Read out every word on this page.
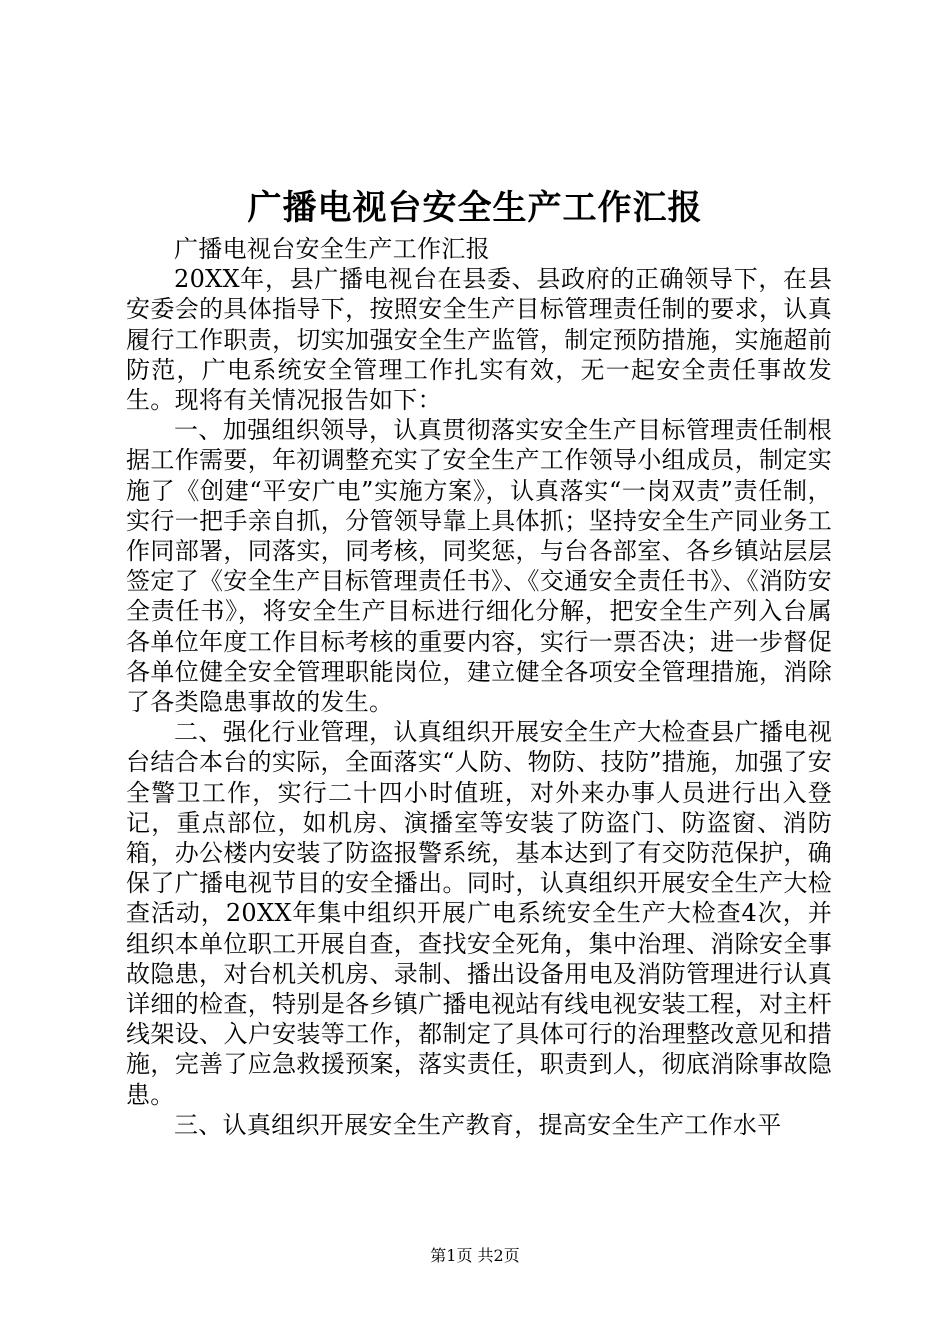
广播电视台安全生产工作汇报

广播电视台安全生产工作汇报

20XX年，县广播电视台在县委、县政府的正确领导下，在县安委会的具体指导下，按照安全生产目标管理责任制的要求，认真履行工作职责，切实加强安全生产监管，制定预防措施，实施超前防范，广电系统安全管理工作扎实有效，无一起安全责任事故发生。现将有关情况报告如下：

一、加强组织领导，认真贯彻落实安全生产目标管理责任制根据工作需要，年初调整充实了安全生产工作领导小组成员，制定实施了《创建“平安广电”实施方案》，认真落实“一岗双责”责任制，实行一把手亲自抓，分管领导靠上具体抓；坚持安全生产同业务工作同部署，同落实，同考核，同奖惩，与台各部室、各乡镇站层层签定了《安全生产目标管理责任书》、《交通安全责任书》、《消防安全责任书》，将安全生产目标进行细化分解，把安全生产列入台属各单位年度工作目标考核的重要内容，实行一票否决；进一步督促各单位健全安全管理职能岗位，建立健全各项安全管理措施，消除了各类隐患事故的发生。

二、强化行业管理，认真组织开展安全生产大检查县广播电视台结合本台的实际，全面落实“人防、物防、技防”措施，加强了安全警卫工作，实行二十四小时值班，对外来办事人员进行出入登记，重点部位，如机房、演播室等安装了防盗门、防盗窗、消防箱，办公楼内安装了防盗报警系统，基本达到了有交防范保护，确保了广播电视节目的安全播出。同时，认真组织开展安全生产大检查活动，20XX年集中组织开展广电系统安全生产大检查4次，并组织本单位职工开展自查，查找安全死角，集中治理、消除安全事故隐患，对台机关机房、录制、播出设备用电及消防管理进行认真详细的检查，特别是各乡镇广播电视站有线电视安装工程，对主杆线架设、入户安装等工作，都制定了具体可行的治理整改意见和措施，完善了应急救援预案，落实责任，职责到人，彻底消除事故隐患。

三、认真组织开展安全生产教育，提高安全生产工作水平

第1页 共2页
